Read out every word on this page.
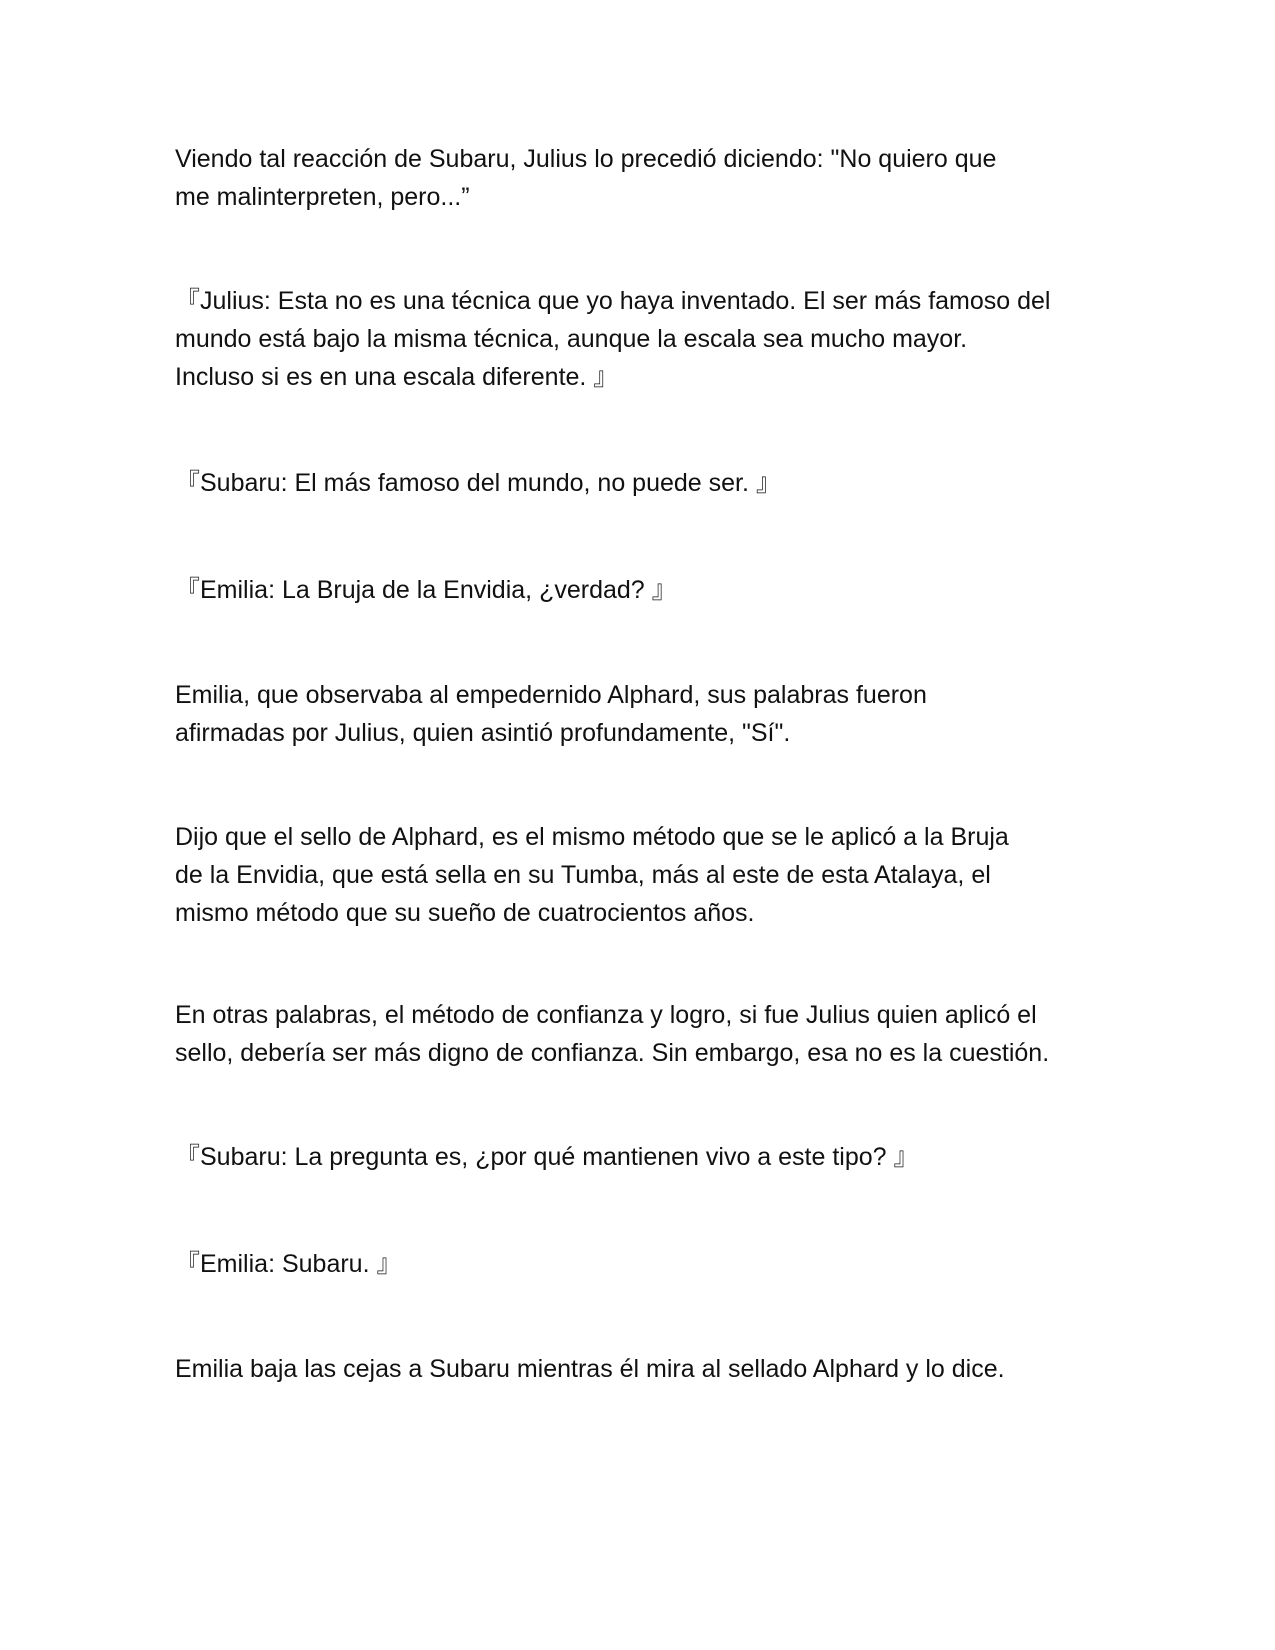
Viendo tal reacción de Subaru, Julius lo precedió diciendo: "No quiero que
me malinterpreten, pero...”

『Julius: Esta no es una técnica que yo haya inventado. El ser más famoso del
mundo está bajo la misma técnica, aunque la escala sea mucho mayor.
Incluso si es en una escala diferente. 』

『Subaru: El más famoso del mundo, no puede ser. 』

『Emilia: La Bruja de la Envidia, ¿verdad? 』

Emilia, que observaba al empedernido Alphard, sus palabras fueron
afirmadas por Julius, quien asintió profundamente, "Sí".

Dijo que el sello de Alphard, es el mismo método que se le aplicó a la Bruja
de la Envidia, que está sella en su Tumba, más al este de esta Atalaya, el
mismo método que su sueño de cuatrocientos años.

En otras palabras, el método de confianza y logro, si fue Julius quien aplicó el
sello, debería ser más digno de confianza. Sin embargo, esa no es la cuestión.

『Subaru: La pregunta es, ¿por qué mantienen vivo a este tipo? 』

『Emilia: Subaru. 』

Emilia baja las cejas a Subaru mientras él mira al sellado Alphard y lo dice.
